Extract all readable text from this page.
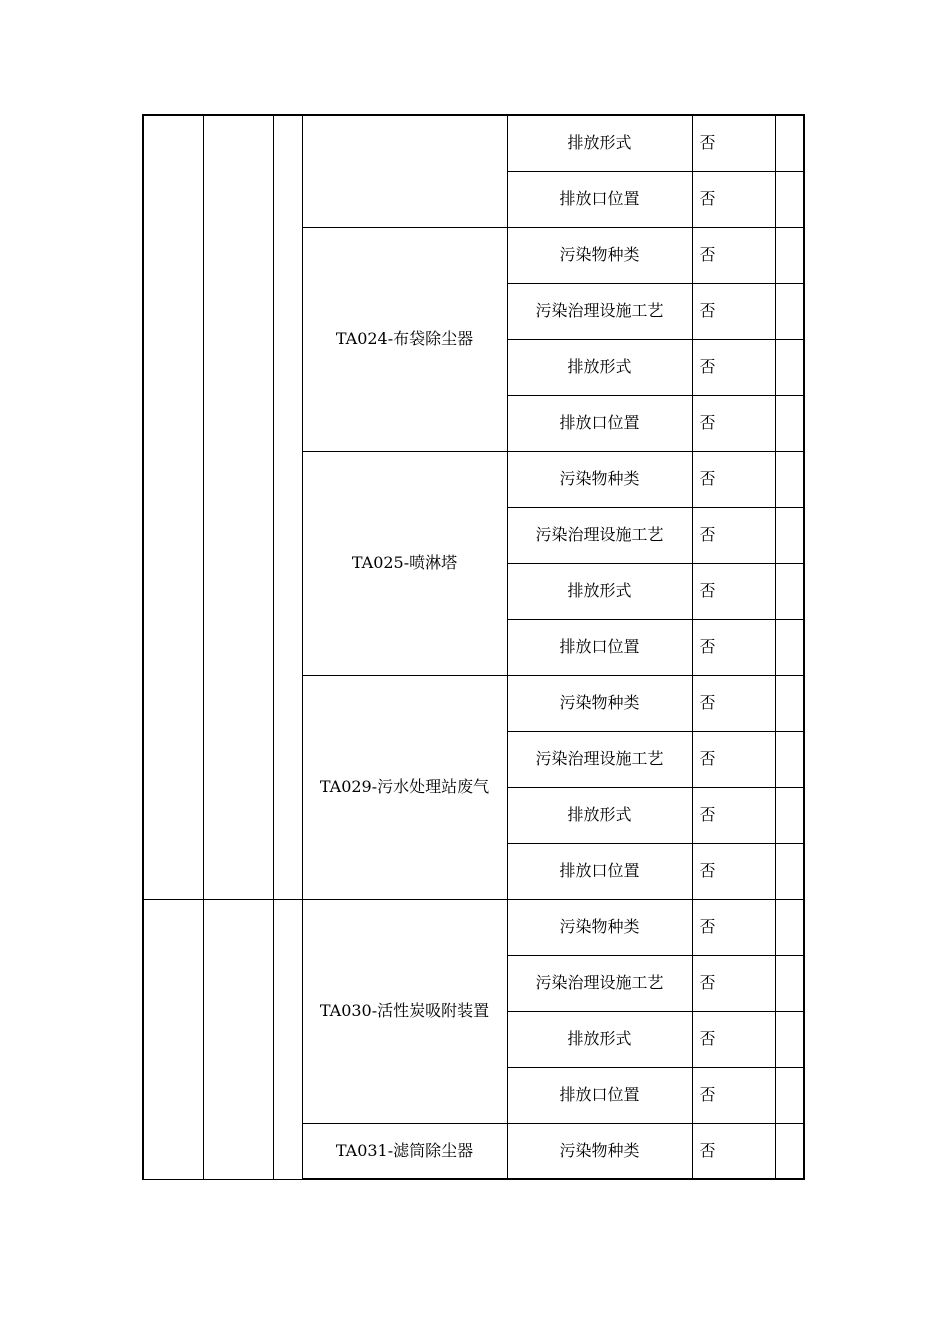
				排放形式	否	
				排放口位置	否	
			TA024-布袋除尘器	污染物种类	否	
				污染治理设施工艺	否	
				排放形式	否	
				排放口位置	否	
			TA025-喷淋塔	污染物种类	否	
				污染治理设施工艺	否	
				排放形式	否	
				排放口位置	否	
			TA029-污水处理站废气	污染物种类	否	
				污染治理设施工艺	否	
				排放形式	否	
				排放口位置	否	
			TA030-活性炭吸附装置	污染物种类	否	
				污染治理设施工艺	否	
				排放形式	否	
				排放口位置	否	
			TA031-滤筒除尘器	污染物种类	否	
